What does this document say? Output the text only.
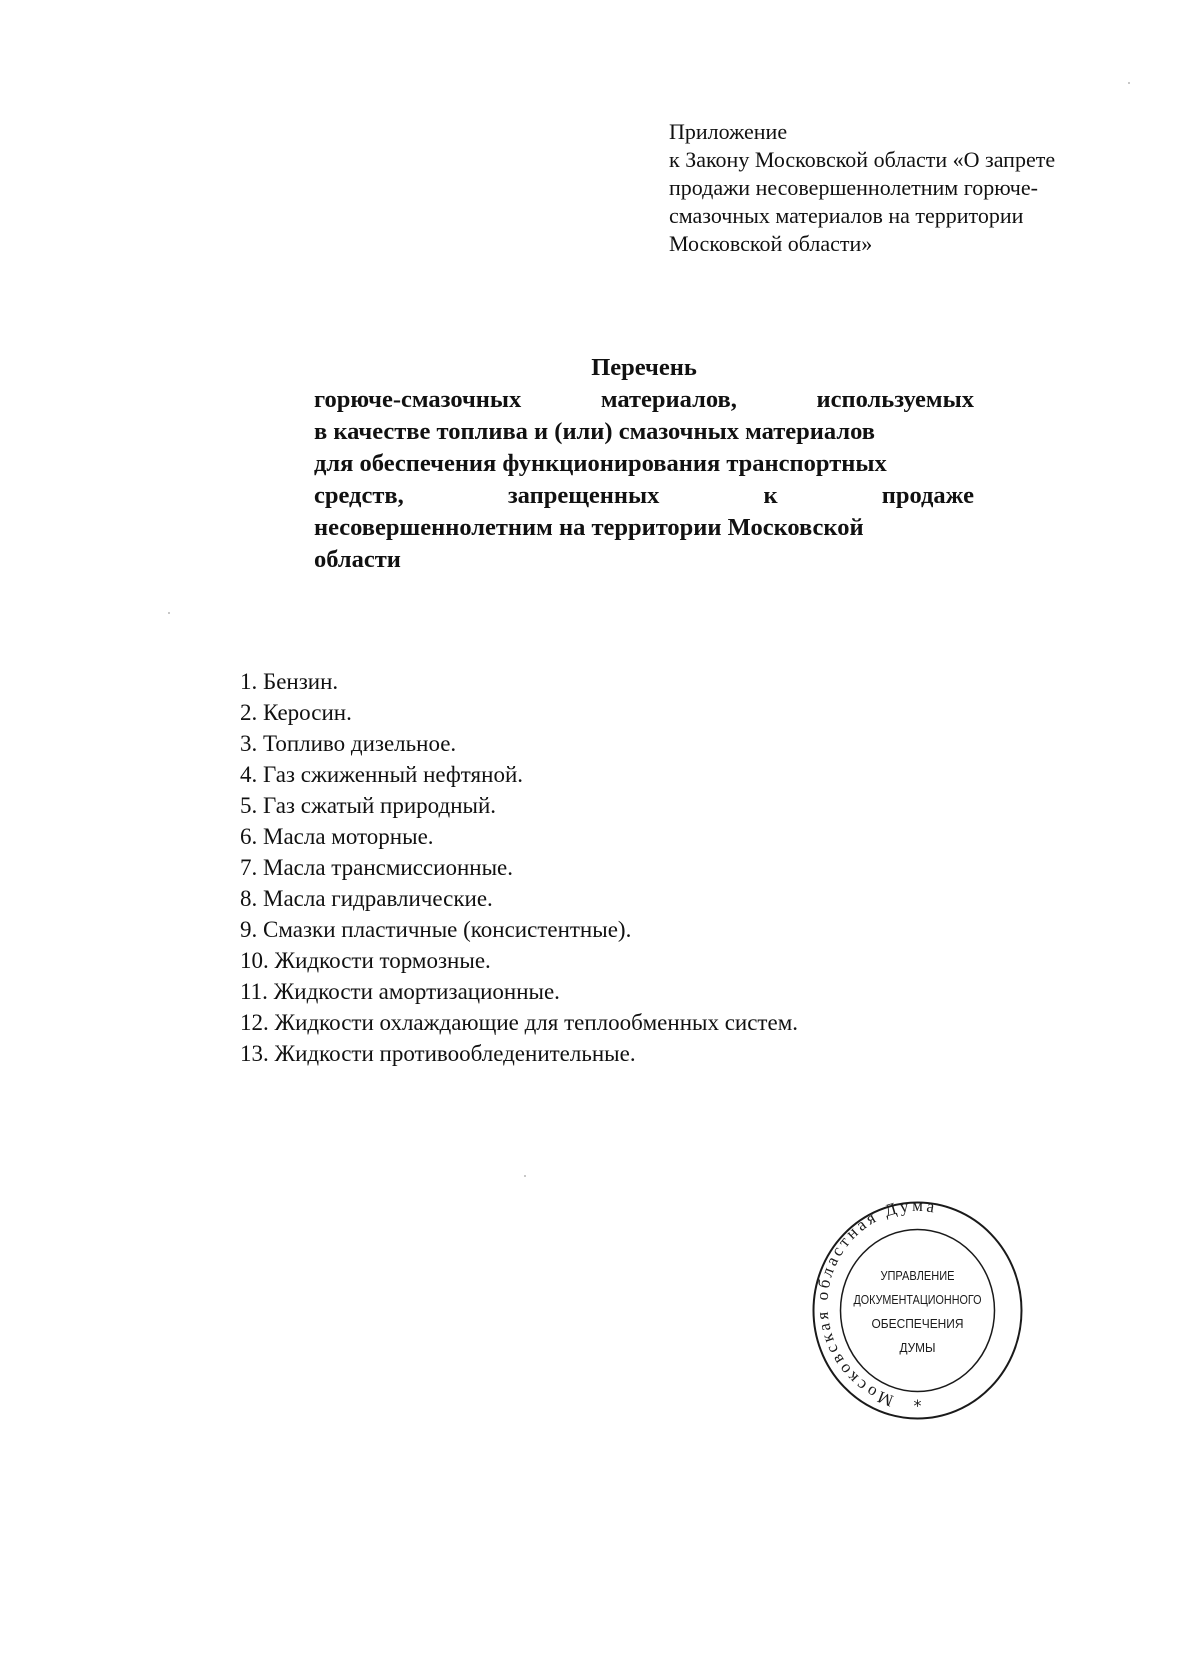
Приложение
к Закону Московской области «О запрете
продажи несовершеннолетним горюче-
смазочных материалов на территории
Московской области»
Перечень
горюче-смазочных	материалов,	используемых
в качестве топлива и (или) смазочных материалов
для обеспечения функционирования транспортных
средств,	запрещенных	к	продаже
несовершеннолетним на территории Московской
области
1. Бензин.
2. Керосин.
3. Топливо дизельное.
4. Газ сжиженный нефтяной.
5. Газ сжатый природный.
6. Масла моторные.
7. Масла трансмиссионные.
8. Масла гидравлические.
9. Смазки пластичные (консистентные).
10. Жидкости тормозные.
11. Жидкости амортизационные.
12. Жидкости охлаждающие для теплообменных систем.
13. Жидкости противообледенительные.
Московская областная Дума
УПРАВЛЕНИЕ
ДОКУМЕНТАЦИОННОГО
ОБЕСПЕЧЕНИЯ
ДУМЫ
*
